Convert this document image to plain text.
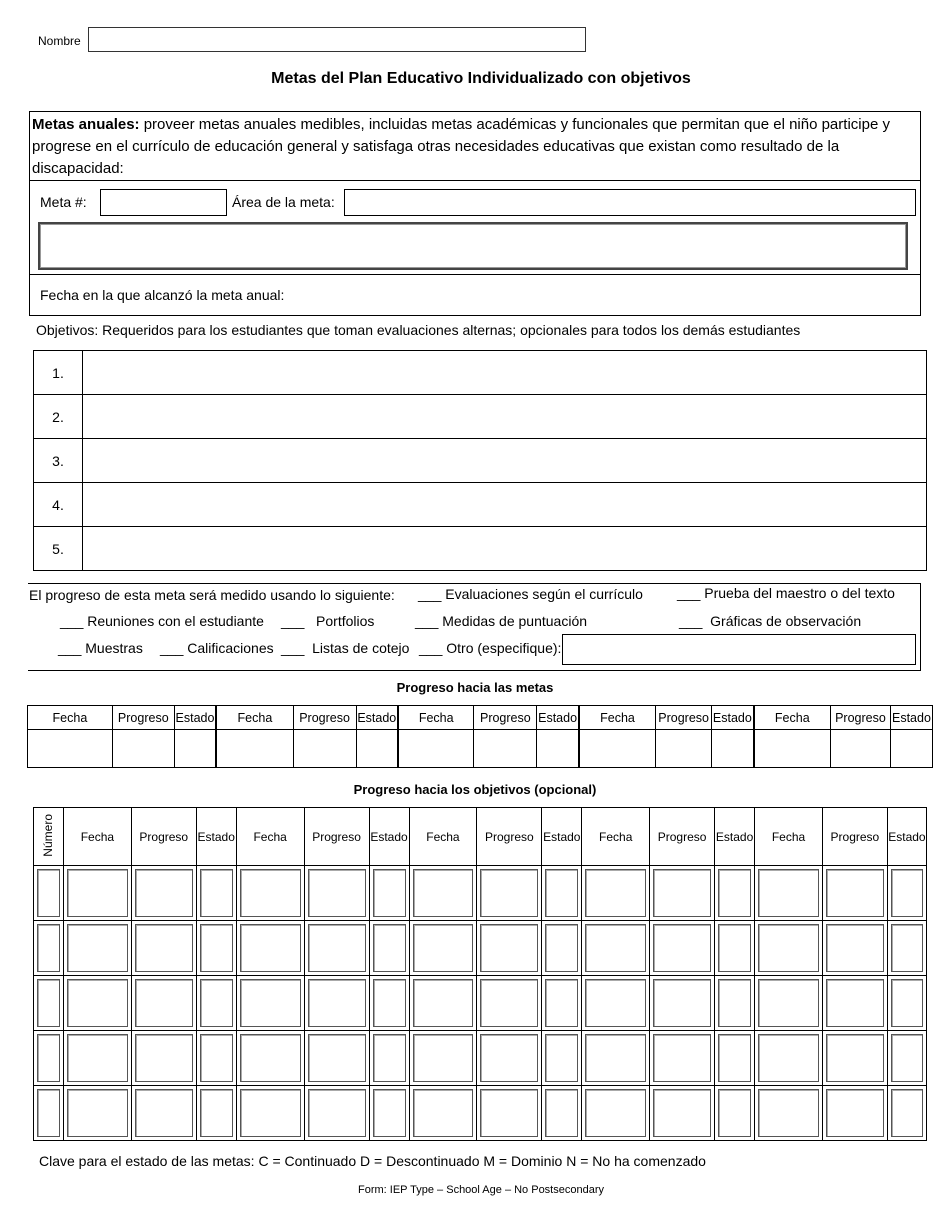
Nombre
Metas del Plan Educativo Individualizado con objetivos
Metas anuales: proveer metas anuales medibles, incluidas metas académicas y funcionales que permitan que el niño participe y progrese en el currículo de educación general y satisfaga otras necesidades educativas que existan como resultado de la discapacidad:
Meta #:	Área de la meta:
Fecha en la que alcanzó la meta anual:
Objetivos: Requeridos para los estudiantes que toman evaluaciones alternas; opcionales para todos los demás estudiantes
1.	
2.	
3.	
4.	
5.	
El progreso de esta meta será medido usando lo siguiente: ___ Evaluaciones según el currículo ___ Prueba del maestro o del texto
___ Reuniones con el estudiante ___ Portfolios	___ Medidas de puntuación	___ Gráficas de observación
___ Muestras ___ Calificaciones ___ Listas de cotejo ___ Otro (especifique):
Progreso hacia las metas
Fecha	Progreso	Estado	Fecha	Progreso	Estado	Fecha	Progreso	Estado	Fecha	Progreso	Estado	Fecha	Progreso	Estado

Progreso hacia los objetivos (opcional)
Número	Fecha	Progreso	Estado	Fecha	Progreso	Estado	Fecha	Progreso	Estado	Fecha	Progreso	Estado	Fecha	Progreso	Estado

Clave para el estado de las metas: C = Continuado D = Descontinuado M = Dominio N = No ha comenzado
Form: IEP Type – School Age – No Postsecondary
